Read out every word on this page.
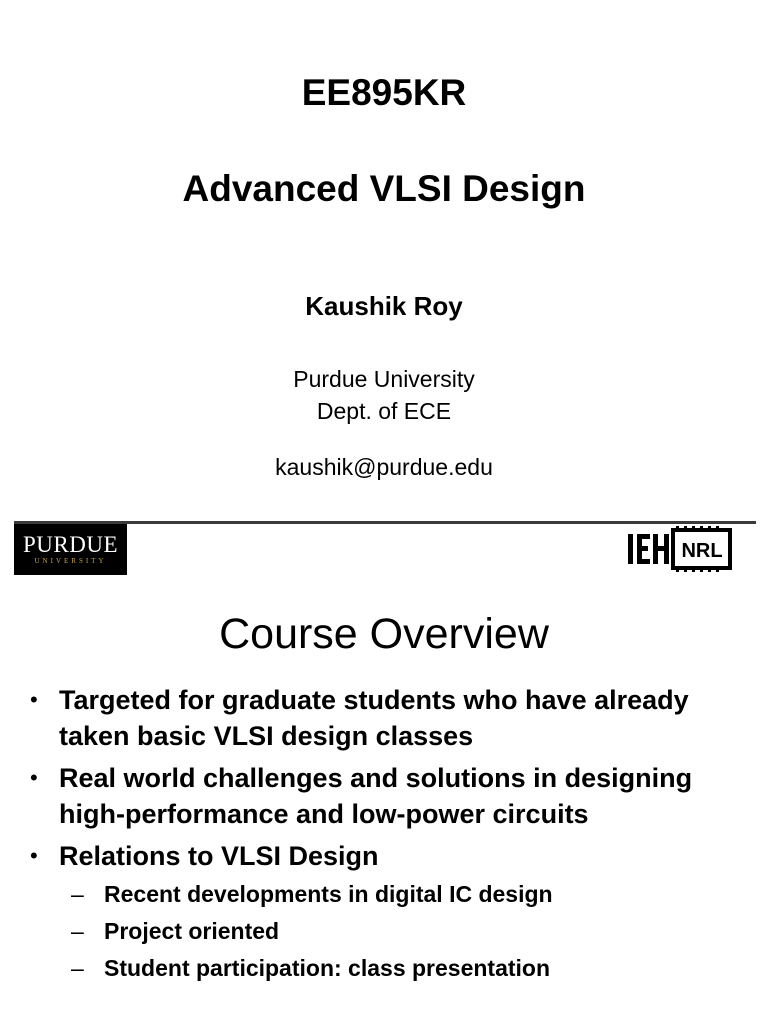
EE895KR
Advanced VLSI Design
Kaushik Roy
Purdue University
Dept. of ECE
kaushik@purdue.edu
PURDUE
UNIVERSITY	NRL
Course Overview
• Targeted for graduate students who have already taken basic VLSI design classes
• Real world challenges and solutions in designing high-performance and low-power circuits
• Relations to VLSI Design
– Recent developments in digital IC design
– Project oriented
– Student participation: class presentation
